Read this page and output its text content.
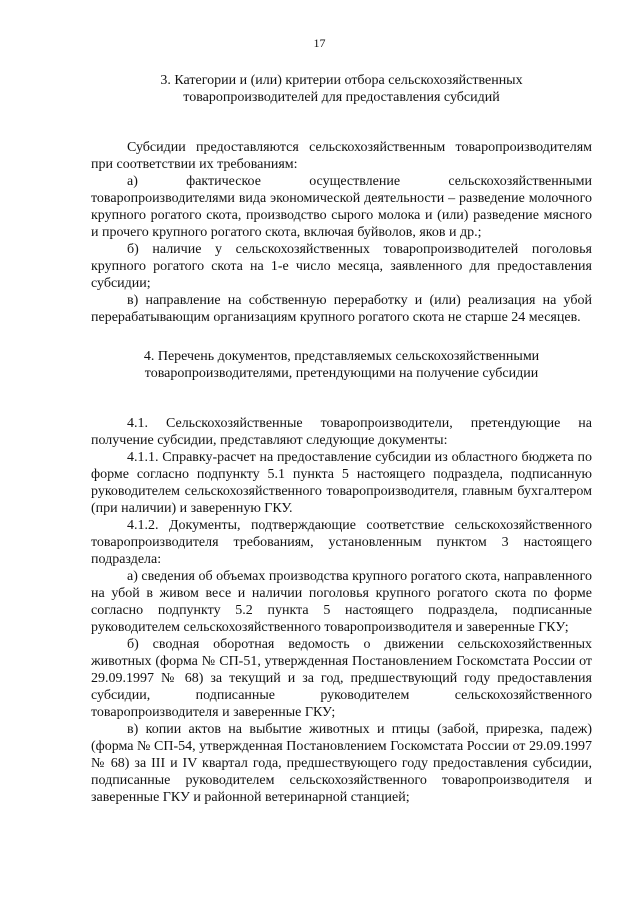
17

3. Категории и (или) критерии отбора сельскохозяйственных
товаропроизводителей для предоставления субсидий

Субсидии предоставляются сельскохозяйственным товаропроизводителям при соответствии их требованиям:

а) фактическое осуществление сельскохозяйственными товаропроизводителями вида экономической деятельности – разведение молочного крупного рогатого скота, производство сырого молока и (или) разведение мясного и прочего крупного рогатого скота, включая буйволов, яков и др.;

б) наличие у сельскохозяйственных товаропроизводителей поголовья крупного рогатого скота на 1-е число месяца, заявленного для предоставления субсидии;

в) направление на собственную переработку и (или) реализация на убой перерабатывающим организациям крупного рогатого скота не старше 24 месяцев.

4. Перечень документов, представляемых сельскохозяйственными
товаропроизводителями, претендующими на получение субсидии

4.1. Сельскохозяйственные товаропроизводители, претендующие на получение субсидии, представляют следующие документы:

4.1.1. Справку-расчет на предоставление субсидии из областного бюджета по форме согласно подпункту 5.1 пункта 5 настоящего подраздела, подписанную руководителем сельскохозяйственного товаропроизводителя, главным бухгалтером (при наличии) и заверенную ГКУ.

4.1.2. Документы, подтверждающие соответствие сельскохозяйственного товаропроизводителя требованиям, установленным пунктом 3 настоящего подраздела:

а) сведения об объемах производства крупного рогатого скота, направленного на убой в живом весе и наличии поголовья крупного рогатого скота по форме согласно подпункту 5.2 пункта 5 настоящего подраздела, подписанные руководителем сельскохозяйственного товаропроизводителя и заверенные ГКУ;

б) сводная оборотная ведомость о движении сельскохозяйственных животных (форма № СП-51, утвержденная Постановлением Госкомстата России от 29.09.1997 № 68) за текущий и за год, предшествующий году предоставления субсидии, подписанные руководителем сельскохозяйственного товаропроизводителя и заверенные ГКУ;

в) копии актов на выбытие животных и птицы (забой, прирезка, падеж) (форма № СП-54, утвержденная Постановлением Госкомстата России от 29.09.1997 № 68) за III и IV квартал года, предшествующего году предоставления субсидии, подписанные руководителем сельскохозяйственного товаропроизводителя и заверенные ГКУ и районной ветеринарной станцией;
